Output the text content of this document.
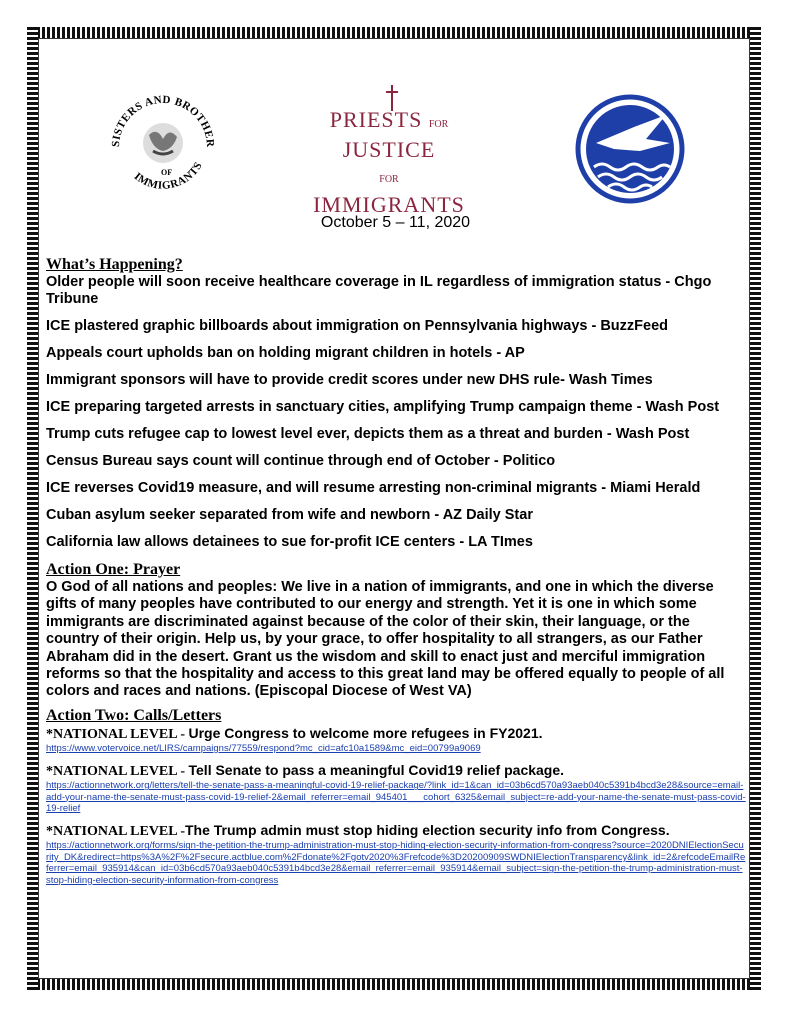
SISTERS AND BROTHER
IMMIGRANTS
OF
PRIESTS FOR
JUSTICE
FOR IMMIGRANTS
October 5 – 11, 2020

What’s Happening?

Older people will soon receive healthcare coverage in IL regardless of immigration status - Chgo Tribune

ICE plastered graphic billboards about immigration on Pennsylvania highways - BuzzFeed

Appeals court upholds ban on holding migrant children in hotels - AP

Immigrant sponsors will have to provide credit scores under new DHS rule- Wash Times

ICE preparing targeted arrests in sanctuary cities, amplifying Trump campaign theme - Wash Post

Trump cuts refugee cap to lowest level ever, depicts them as a threat and burden - Wash Post

Census Bureau says count will continue through end of October - Politico

ICE reverses Covid19 measure, and will resume arresting non-criminal migrants - Miami Herald

Cuban asylum seeker separated from wife and newborn - AZ Daily Star

California law allows detainees to sue for-profit ICE centers - LA TImes

Action One: Prayer

O God of all nations and peoples: We live in a nation of immigrants, and one in which the diverse gifts of many peoples have contributed to our energy and strength. Yet it is one in which some immigrants are discriminated against because of the color of their skin, their language, or the country of their origin. Help us, by your grace, to offer hospitality to all strangers, as our Father Abraham did in the desert. Grant us the wisdom and skill to enact just and merciful immigration reforms so that the hospitality and access to this great land may be offered equally to people of all colors and races and nations. (Episcopal Diocese of West VA)

Action Two: Calls/Letters

*NATIONAL LEVEL - Urge Congress to welcome more refugees in FY2021.

https://www.votervoice.net/LIRS/campaigns/77559/respond?mc_cid=afc10a1589&mc_eid=00799a9069

*NATIONAL LEVEL - Tell Senate to pass a meaningful Covid19 relief package.

https://actionnetwork.org/letters/tell-the-senate-pass-a-meaningful-covid-19-relief-package/?link_id=1&can_id=03b6cd570a93aeb040c5391b4bcd3e28&source=email-add-your-name-the-senate-must-pass-covid-19-relief-2&email_referrer=email_945401___cohort_6325&email_subject=re-add-your-name-the-senate-must-pass-covid-19-relief

*NATIONAL LEVEL -The Trump admin must stop hiding election security info from Congress.

https://actionnetwork.org/forms/sign-the-petition-the-trump-administration-must-stop-hiding-election-security-information-from-congress?source=2020DNIElectionSecurity_DK&redirect=https%3A%2F%2Fsecure.actblue.com%2Fdonate%2Fgotv2020%3Frefcode%3D20200909SWDNIElectionTransparency&link_id=2&refcodeEmailReferrer=email_935914&can_id=03b6cd570a93aeb040c5391b4bcd3e28&email_referrer=email_935914&email_subject=sign-the-petition-the-trump-administration-must-stop-hiding-election-security-information-from-congress
